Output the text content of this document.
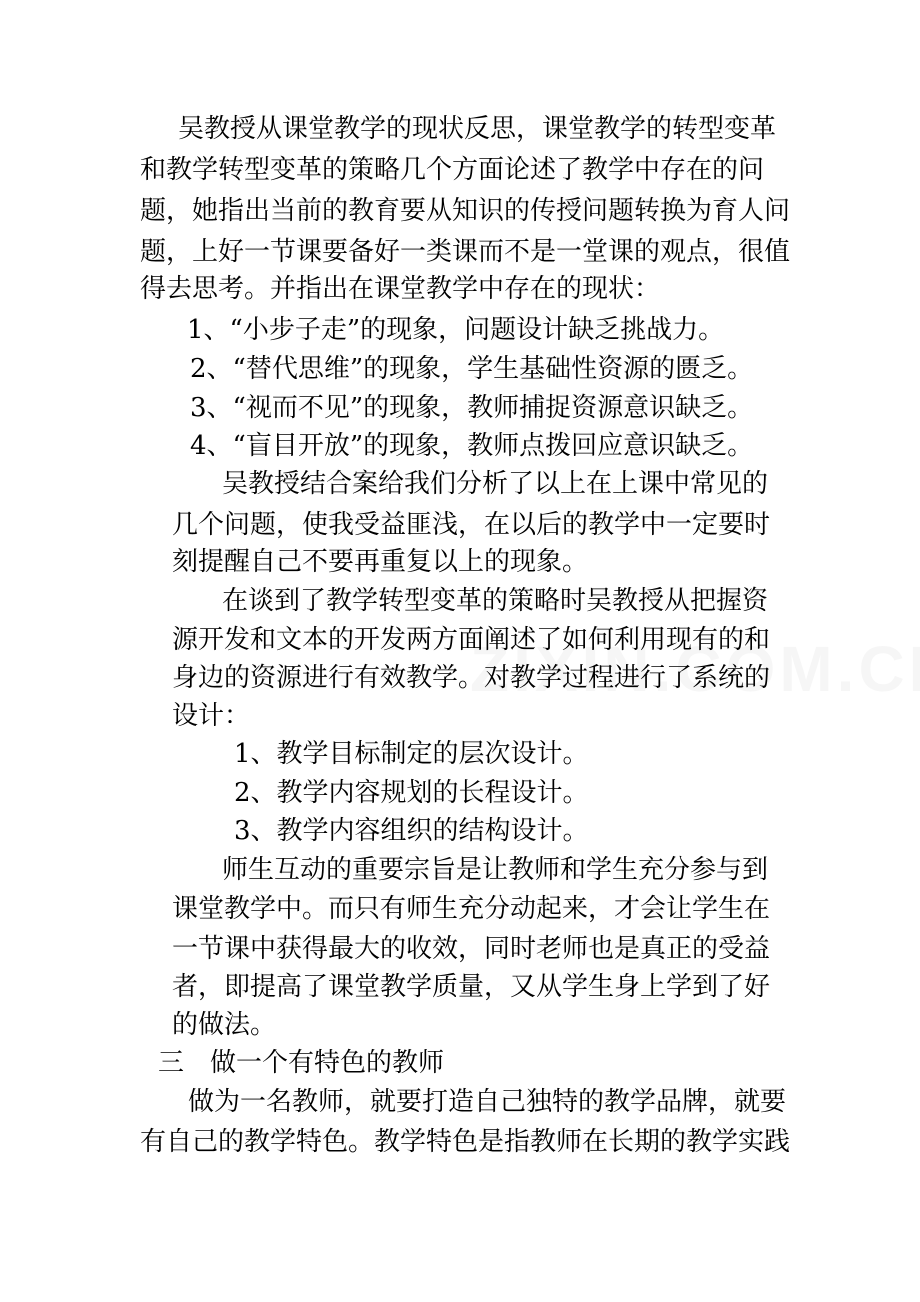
吴教授从课堂教学的现状反思，课堂教学的转型变革

和教学转型变革的策略几个方面论述了教学中存在的问

题，她指出当前的教育要从知识的传授问题转换为育人问

题，上好一节课要备好一类课而不是一堂课的观点，很值

得去思考。并指出在课堂教学中存在的现状：

1、“小步子走”的现象，问题设计缺乏挑战力。

2、“替代思维”的现象，学生基础性资源的匮乏。

3、“视而不见”的现象，教师捕捉资源意识缺乏。

4、“盲目开放”的现象，教师点拨回应意识缺乏。

吴教授结合案给我们分析了以上在上课中常见的

几个问题，使我受益匪浅，在以后的教学中一定要时

刻提醒自己不要再重复以上的现象。

在谈到了教学转型变革的策略时吴教授从把握资

源开发和文本的开发两方面阐述了如何利用现有的和

身边的资源进行有效教学。对教学过程进行了系统的

设计：

1、教学目标制定的层次设计。

2、教学内容规划的长程设计。

3、教学内容组织的结构设计。

师生互动的重要宗旨是让教师和学生充分参与到

课堂教学中。而只有师生充分动起来，才会让学生在

一节课中获得最大的收效，同时老师也是真正的受益

者，即提高了课堂教学质量，又从学生身上学到了好

的做法。

三　做一个有特色的教师

做为一名教师，就要打造自己独特的教学品牌，就要

有自己的教学特色。教学特色是指教师在长期的教学实践
